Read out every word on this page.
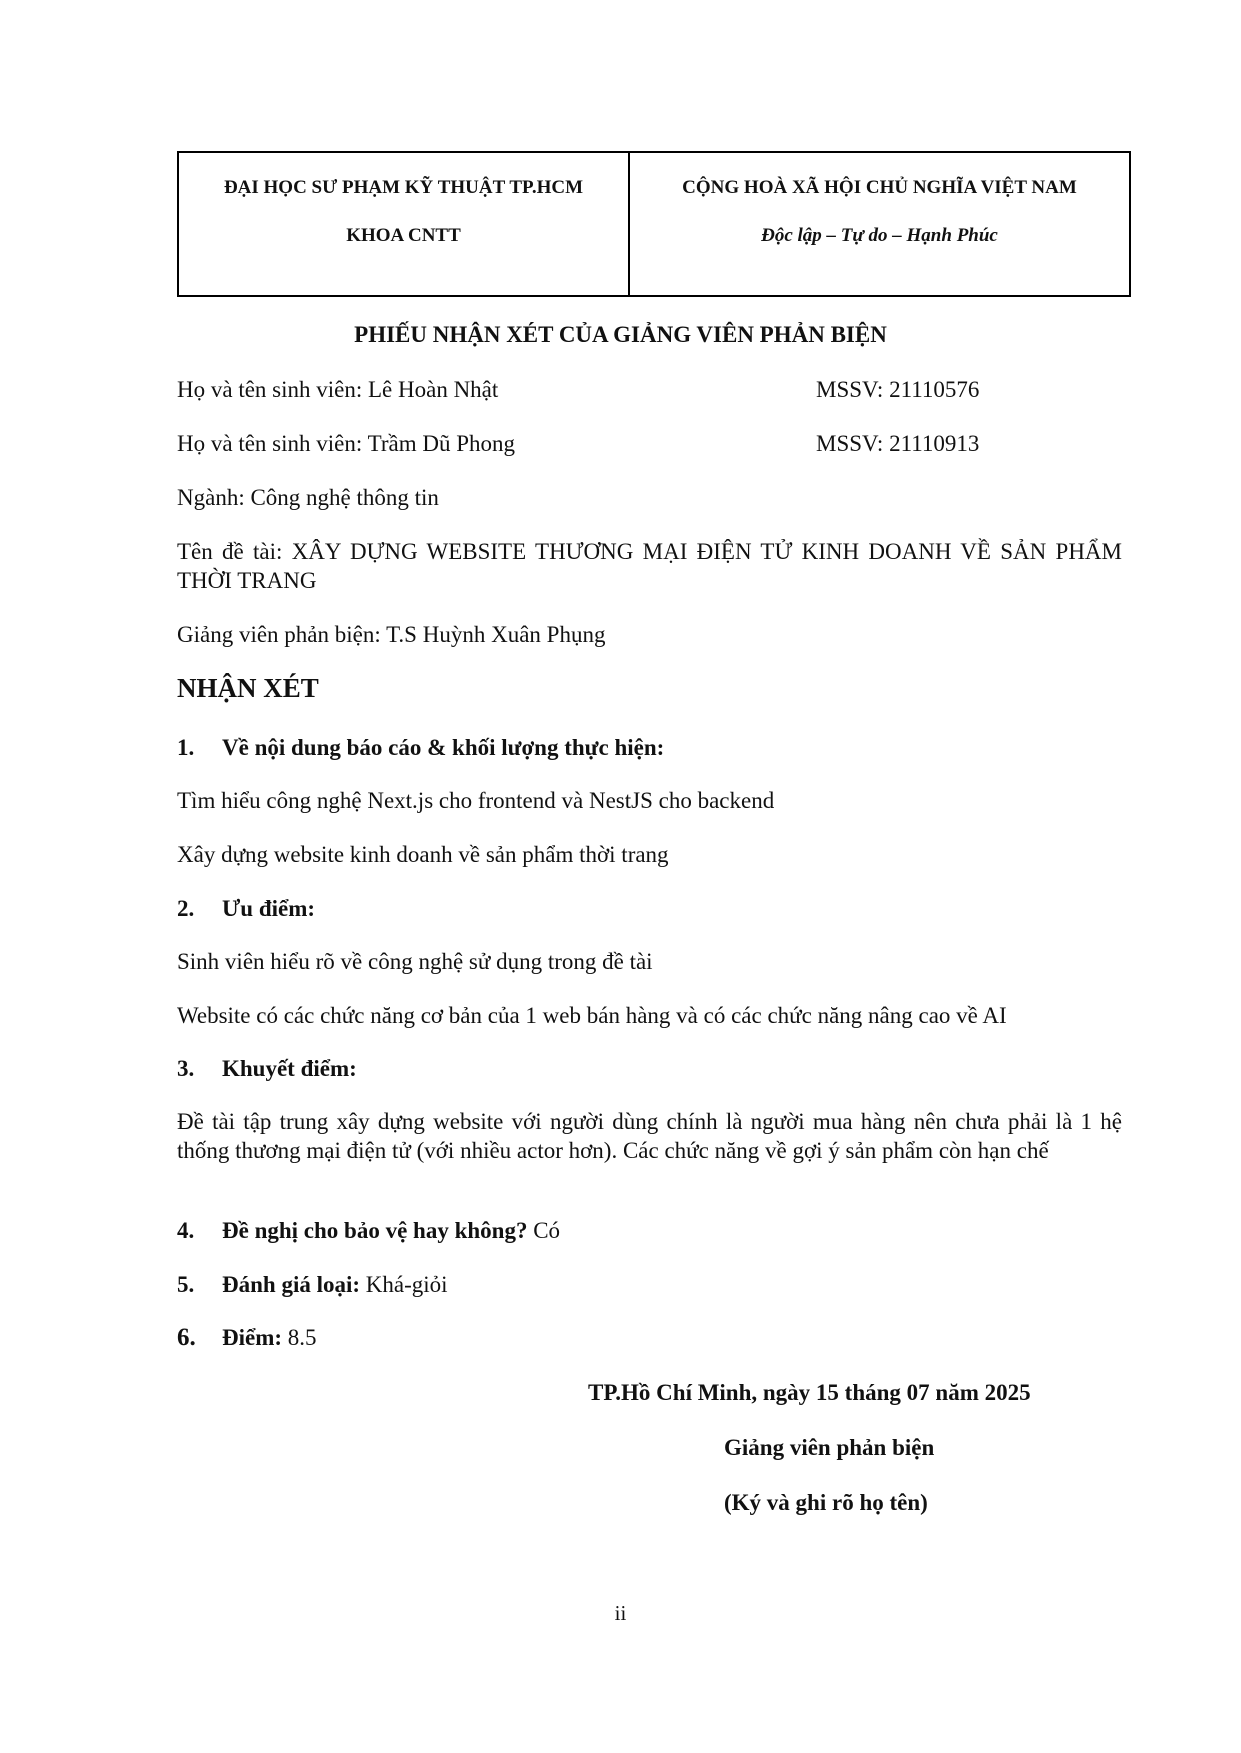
ĐẠI HỌC SƯ PHẠM KỸ THUẬT TP.HCM
KHOA CNTT
CỘNG HOÀ XÃ HỘI CHỦ NGHĨA VIỆT NAM
Độc lập – Tự do – Hạnh Phúc
PHIẾU NHẬN XÉT CỦA GIẢNG VIÊN PHẢN BIỆN
Họ và tên sinh viên: Lê Hoàn Nhật	MSSV: 21110576
Họ và tên sinh viên: Trầm Dũ Phong	MSSV: 21110913
Ngành: Công nghệ thông tin
Tên đề tài: XÂY DỰNG WEBSITE THƯƠNG MẠI ĐIỆN TỬ KINH DOANH VỀ SẢN PHẨM THỜI TRANG
Giảng viên phản biện: T.S Huỳnh Xuân Phụng
NHẬN XÉT
1. Về nội dung báo cáo & khối lượng thực hiện:
Tìm hiểu công nghệ Next.js cho frontend và NestJS cho backend
Xây dựng website kinh doanh về sản phẩm thời trang
2. Ưu điểm:
Sinh viên hiểu rõ về công nghệ sử dụng trong đề tài
Website có các chức năng cơ bản của 1 web bán hàng và có các chức năng nâng cao về AI
3. Khuyết điểm:
Đề tài tập trung xây dựng website với người dùng chính là người mua hàng nên chưa phải là 1 hệ thống thương mại điện tử (với nhiều actor hơn). Các chức năng về gợi ý sản phẩm còn hạn chế
4. Đề nghị cho bảo vệ hay không? Có
5. Đánh giá loại: Khá-giỏi
6. Điểm: 8.5
TP.Hồ Chí Minh, ngày 15 tháng 07 năm 2025
Giảng viên phản biện
(Ký và ghi rõ họ tên)
ii
